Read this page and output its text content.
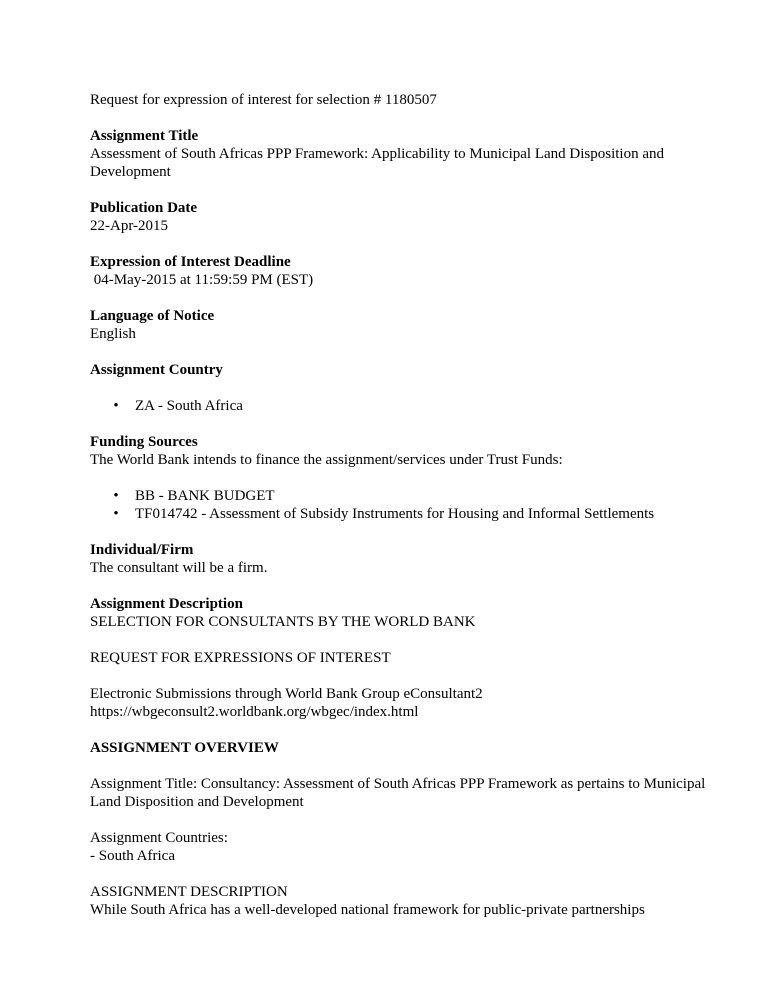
Request for expression of interest for selection # 1180507
Assignment Title
Assessment of South Africas PPP Framework: Applicability to Municipal Land Disposition and Development
Publication Date
22-Apr-2015
Expression of Interest Deadline
04-May-2015 at 11:59:59 PM (EST)
Language of Notice
English
Assignment Country
• ZA - South Africa
Funding Sources
The World Bank intends to finance the assignment/services under Trust Funds:
• BB - BANK BUDGET
• TF014742 - Assessment of Subsidy Instruments for Housing and Informal Settlements
Individual/Firm
The consultant will be a firm.
Assignment Description
SELECTION FOR CONSULTANTS BY THE WORLD BANK
REQUEST FOR EXPRESSIONS OF INTEREST
Electronic Submissions through World Bank Group eConsultant2
https://wbgeconsult2.worldbank.org/wbgec/index.html
ASSIGNMENT OVERVIEW
Assignment Title: Consultancy: Assessment of South Africas PPP Framework as pertains to Municipal Land Disposition and Development
Assignment Countries:
- South Africa
ASSIGNMENT DESCRIPTION
While South Africa has a well-developed national framework for public-private partnerships
